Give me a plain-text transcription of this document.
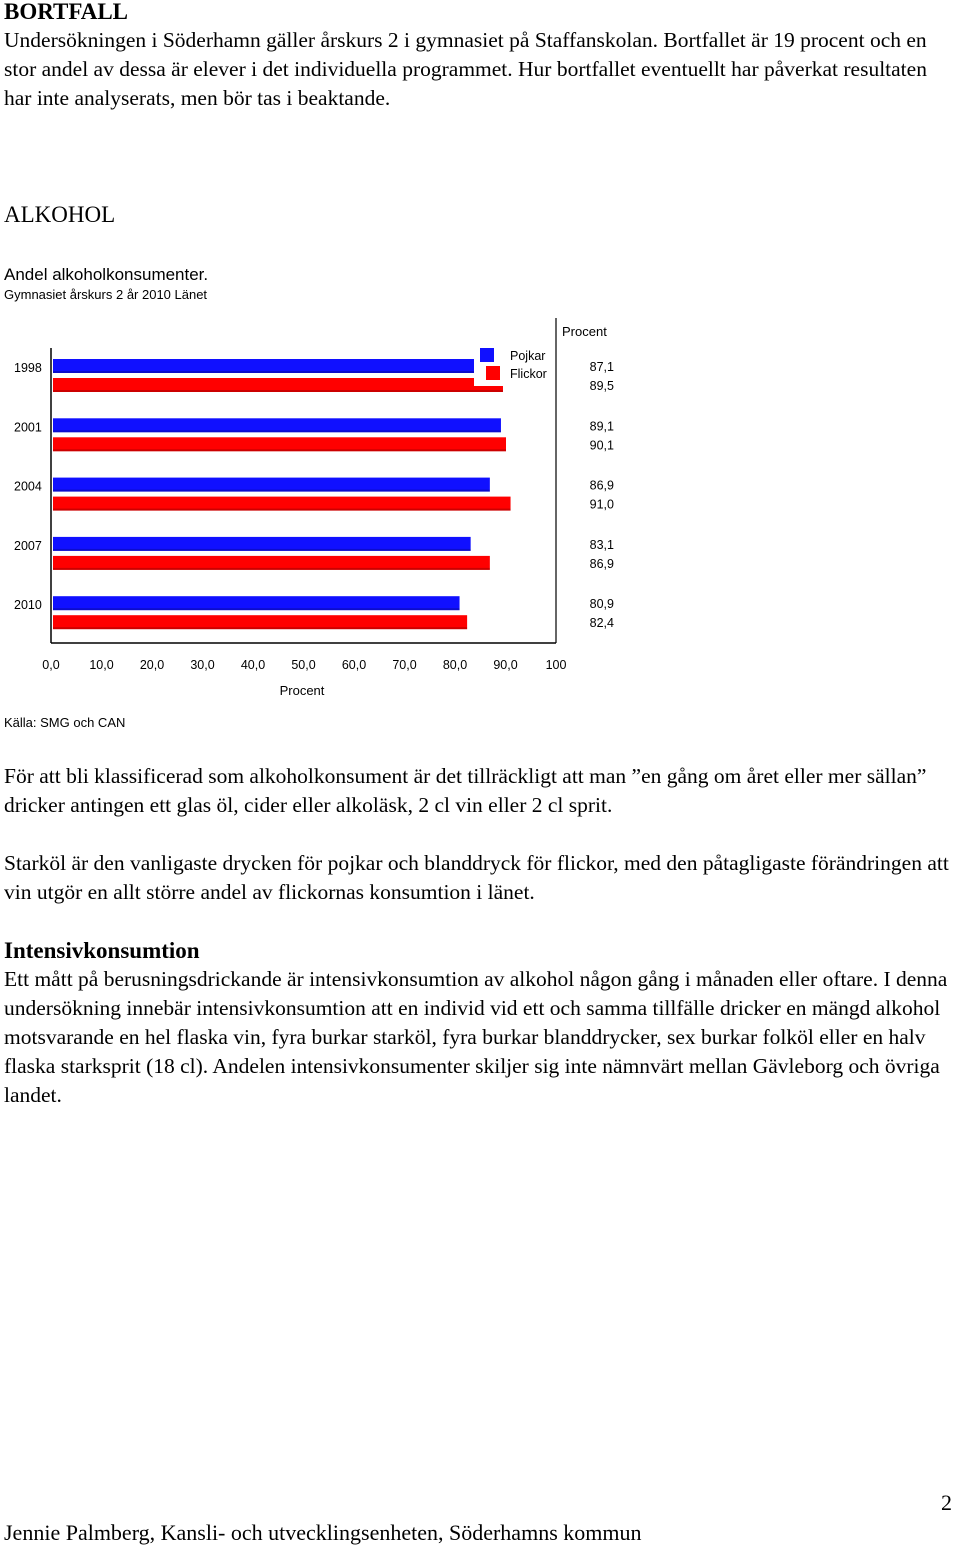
BORTFALL
Undersökningen i Söderhamn gäller årskurs 2 i gymnasiet på Staffanskolan. Bortfallet är 19 procent och en stor andel av dessa är elever i det individuella programmet. Hur bortfallet eventuellt har påverkat resultaten har inte analyserats, men bör tas i beaktande.
ALKOHOL
Andel alkoholkonsumenter.
Gymnasiet årskurs 2 år 2010 Länet
Procent
0,0 10,0 20,0 30,0 40,0 50,0 60,0 70,0 80,0 90,0 100
1998	87,1
89,5
2001	89,1
90,1
2004	86,9
91,0
2007	83,1
86,9
2010	80,9
82,4
Pojkar
Flickor
Procent
Källa: SMG och CAN
För att bli klassificerad som alkoholkonsument är det tillräckligt att man ”en gång om året eller mer sällan” dricker antingen ett glas öl, cider eller alkoläsk, 2 cl vin eller 2 cl sprit.
Starköl är den vanligaste drycken för pojkar och blanddryck för flickor, med den påtagligaste förändringen att vin utgör en allt större andel av flickornas konsumtion i länet.
Intensivkonsumtion
Ett mått på berusningsdrickande är intensivkonsumtion av alkohol någon gång i månaden eller oftare. I denna undersökning innebär intensivkonsumtion att en individ vid ett och samma tillfälle dricker en mängd alkohol motsvarande en hel flaska vin, fyra burkar starköl, fyra burkar blanddrycker, sex burkar folköl eller en halv flaska starksprit (18 cl). Andelen intensivkonsumenter skiljer sig inte nämnvärt mellan Gävleborg och övriga landet.
2
Jennie Palmberg, Kansli- och utvecklingsenheten, Söderhamns kommun
